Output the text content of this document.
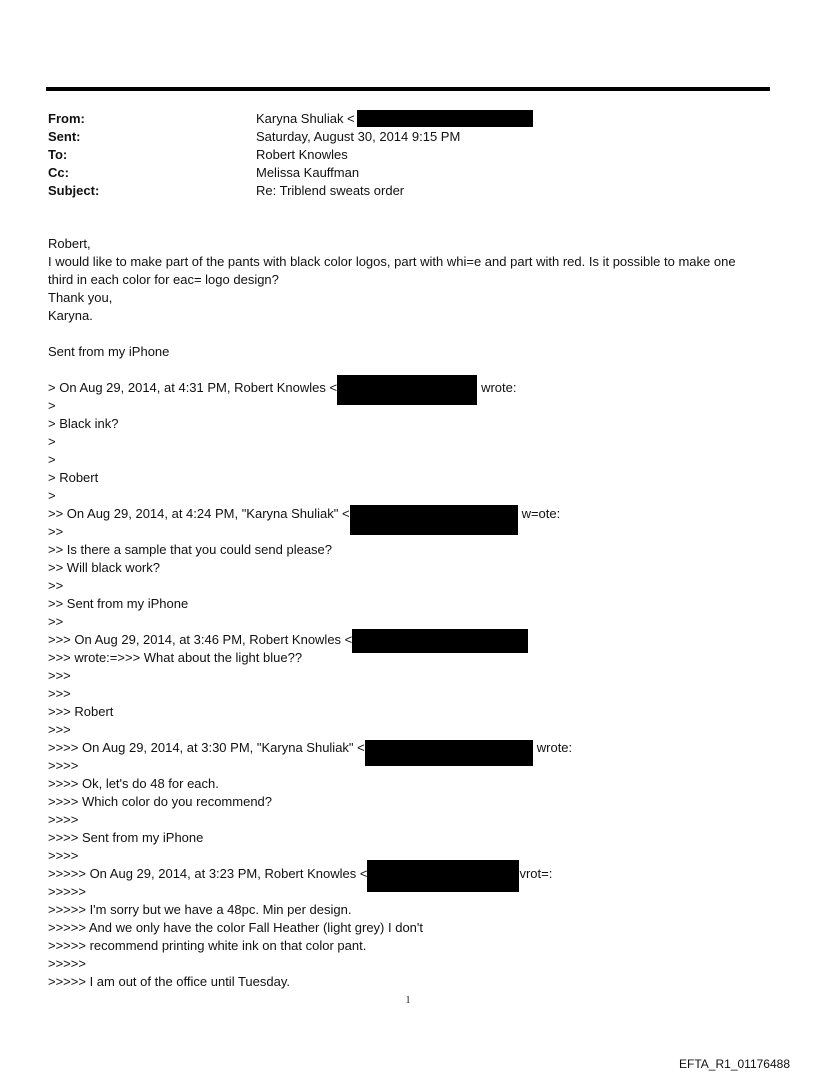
From:	Karyna Shuliak <
Sent:	Saturday, August 30, 2014 9:15 PM
To:	Robert Knowles
Cc:	Melissa Kauffman
Subject:	Re: Triblend sweats order
Robert,
I would like to make part of the pants with black color logos, part with whi=e and part with red. Is it possible to make one third in each color for eac= logo design?
Thank you,
Karyna.
Sent from my iPhone
> On Aug 29, 2014, at 4:31 PM, Robert Knowles <	wrote:
>
> Black ink?
>
>
> Robert
>
>> On Aug 29, 2014, at 4:24 PM, "Karyna Shuliak" <	w=ote:
>>
>> Is there a sample that you could send please?
>> Will black work?
>>
>> Sent from my iPhone
>>
>>> On Aug 29, 2014, at 3:46 PM, Robert Knowles <
>>> wrote:=>>> What about the light blue??
>>>
>>>
>>> Robert
>>>
>>>> On Aug 29, 2014, at 3:30 PM, "Karyna Shuliak" <	wrote:
>>>>
>>>> Ok, let's do 48 for each.
>>>> Which color do you recommend?
>>>>
>>>> Sent from my iPhone
>>>>
>>>>> On Aug 29, 2014, at 3:23 PM, Robert Knowles <	vrot=:
>>>>>
>>>>> I'm sorry but we have a 48pc. Min per design.
>>>>> And we only have the color Fall Heather (light grey) I don't
>>>>> recommend printing white ink on that color pant.
>>>>>
>>>>> I am out of the office until Tuesday.
1
EFTA_R1_01176488
